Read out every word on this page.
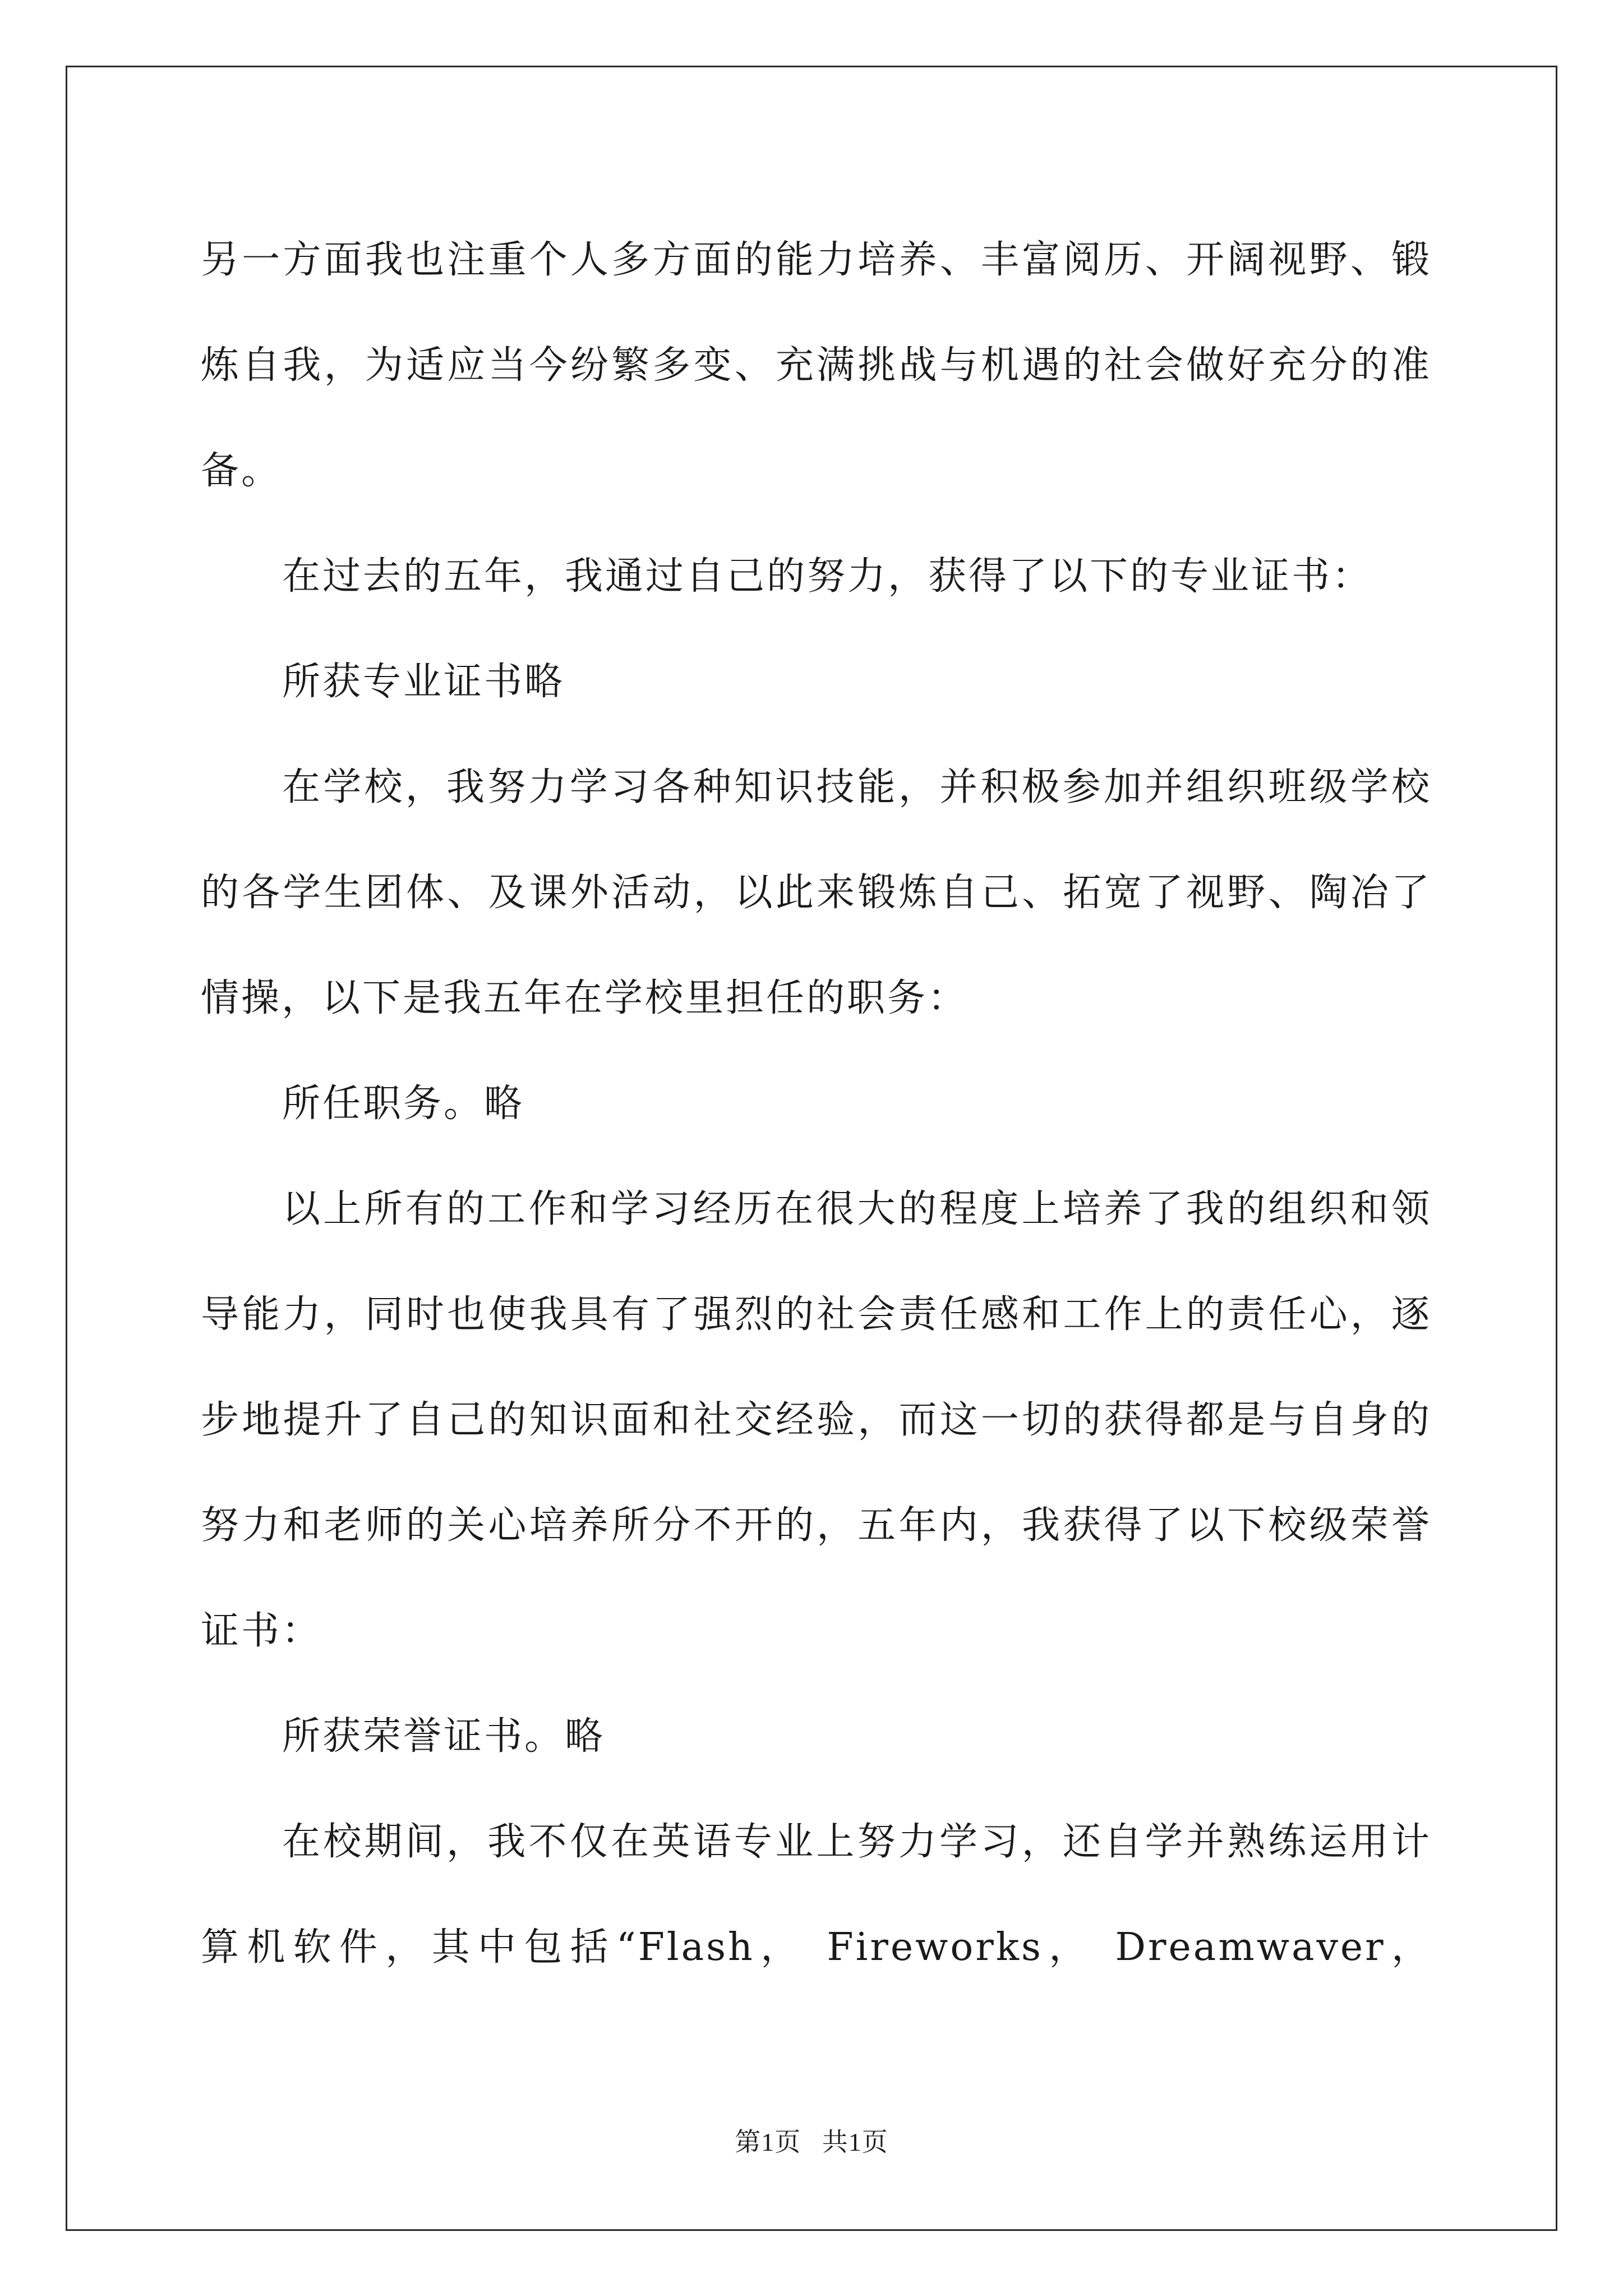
另一方面我也注重个人多方面的能力培养、丰富阅历、开阔视野、锻炼自我，为适应当今纷繁多变、充满挑战与机遇的社会做好充分的准备。

在过去的五年，我通过自己的努力，获得了以下的专业证书：

所获专业证书略

在学校，我努力学习各种知识技能，并积极参加并组织班级学校的各学生团体、及课外活动，以此来锻炼自己、拓宽了视野、陶冶了情操，以下是我五年在学校里担任的职务：

所任职务。略

以上所有的工作和学习经历在很大的程度上培养了我的组织和领导能力，同时也使我具有了强烈的社会责任感和工作上的责任心，逐步地提升了自己的知识面和社交经验，而这一切的获得都是与自身的努力和老师的关心培养所分不开的，五年内，我获得了以下校级荣誉证书：

所获荣誉证书。略

在校期间，我不仅在英语专业上努力学习，还自学并熟练运用计算机软件，其中包括“Flash， Fireworks， Dreamwaver，

第1页 共1页
